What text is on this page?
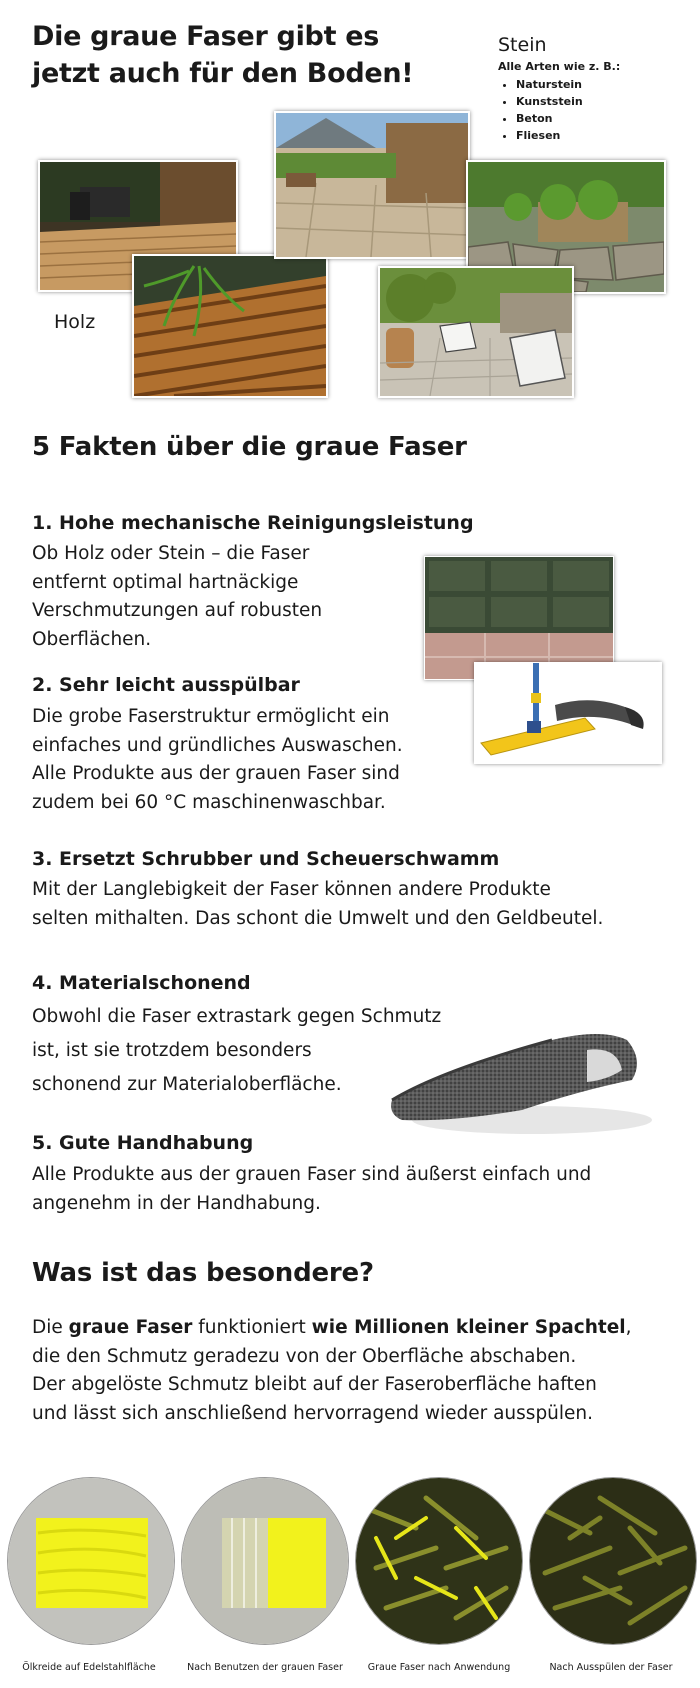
Die graue Faser gibt es
jetzt auch für den Boden!
Stein
Alle Arten wie z. B.:
• Naturstein
• Kunststein
• Beton
• Fliesen
Holz
5 Fakten über die graue Faser
1. Hohe mechanische Reinigungsleistung

Ob Holz oder Stein – die Faser
entfernt optimal hartnäckige
Verschmutzungen auf robusten
Oberflächen.

2. Sehr leicht ausspülbar

Die grobe Faserstruktur ermöglicht ein
einfaches und gründliches Auswaschen.
Alle Produkte aus der grauen Faser sind
zudem bei 60 °C maschinenwaschbar.

3. Ersetzt Schrubber und Scheuerschwamm

Mit der Langlebigkeit der Faser können andere Produkte
selten mithalten. Das schont die Umwelt und den Geldbeutel.

4. Materialschonend

Obwohl die Faser extrastark gegen Schmutz
ist, ist sie trotzdem besonders
schonend zur Materialoberfläche.

5. Gute Handhabung

Alle Produkte aus der grauen Faser sind äußerst einfach und
angenehm in der Handhabung.

Was ist das besondere?

Die graue Faser funktioniert wie Millionen kleiner Spachtel,
die den Schmutz geradezu von der Oberfläche abschaben.
Der abgelöste Schmutz bleibt auf der Faseroberfläche haften
und lässt sich anschließend hervorragend wieder ausspülen.

Ölkreide auf Edelstahlfläche	Nach Benutzen der grauen Faser	Graue Faser nach Anwendung	Nach Ausspülen der Faser
